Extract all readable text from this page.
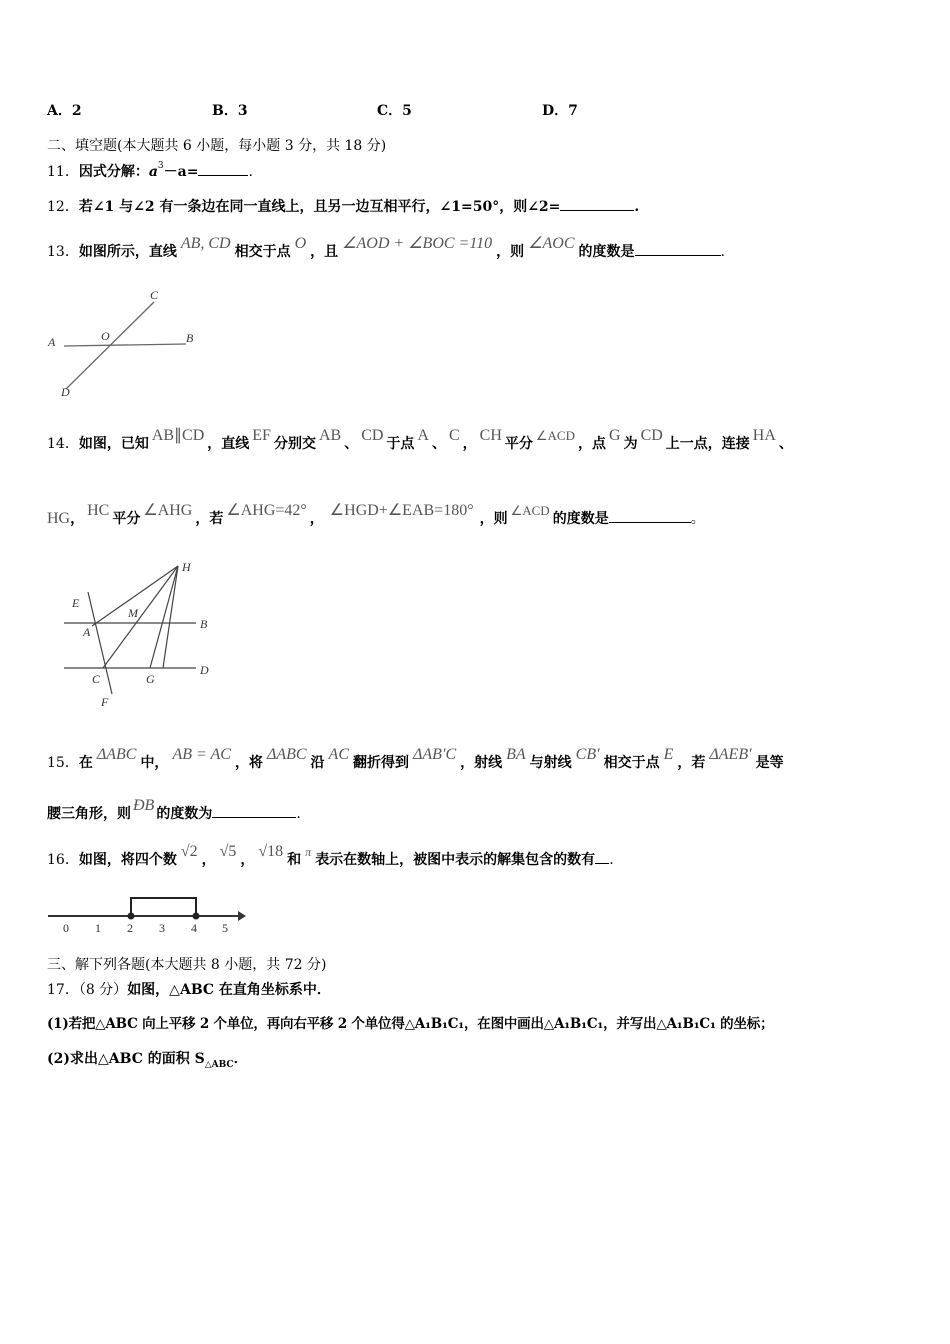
A．2	B．3	C．5	D．7
二、填空题(本大题共 6 小题，每小题 3 分，共 18 分)
11．因式分解：$a^3-a=$	.
12．若∠1 与∠2 有一条边在同一直线上，且另一边互相平行，∠1=50°，则∠2=	.
13．如图所示，直线 AB, CD 相交于点 O ，且 ∠AOD + ∠BOC =110 ，则 ∠AOC 的度数是	.
A	O	B
C
D
14．如图，已知 AB∥CD ，直线 EF 分别交 AB 、 CD 于点 A 、 C ， CH 平分∠ACD，点 G 为 CD 上一点，连接 HA 、
HG， HC 平分 ∠AHG ，若 ∠AHG=42° ， ∠HGD+∠EAB=180° ，则∠ACD的度数是	。
E
A
M
H
B
C	G
D
F
15．在 ΔABC 中， AB = AC ，将 ΔABC 沿 AC 翻折得到 ΔAB′C ，射线 BA 与射线 CB′ 相交于点 E ，若 ΔAEB′ 是等
腰三角形，则 ÐB 的度数为	.
16．如图，将四个数 √2 ， √5 ， √18 和 π 表示在数轴上，被图中表示的解集包含的数有 .
0 1 2 3 4 5
三、解下列各题(本大题共 8 小题，共 72 分)
17．（8 分）如图，△ABC 在直角坐标系中．
(1)若把△ABC 向上平移 2 个单位，再向右平移 2 个单位得△A₁B₁C₁，在图中画出△A₁B₁C₁，并写出△A₁B₁C₁ 的坐标；
(2)求出△ABC 的面积 $S_{\triangle ABC}$．
